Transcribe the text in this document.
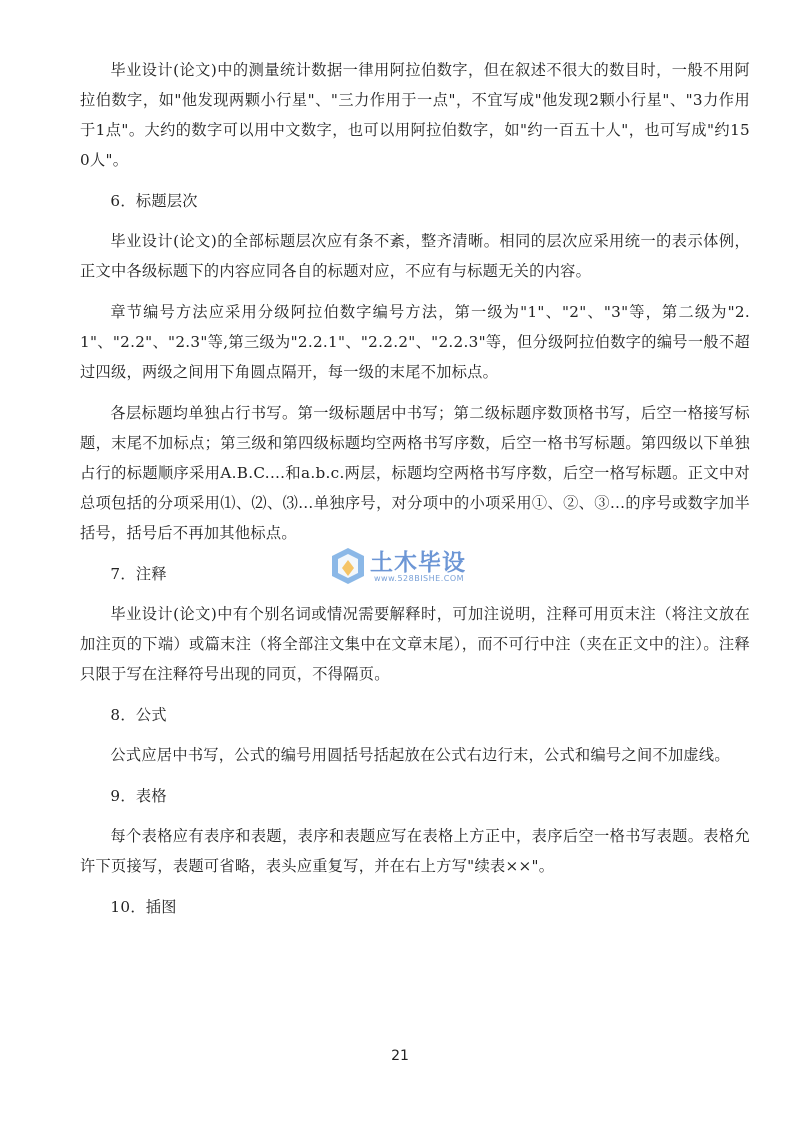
毕业设计(论文)中的测量统计数据一律用阿拉伯数字，但在叙述不很大的数目时，一般不用阿拉伯数字，如"他发现两颗小行星"、"三力作用于一点"，不宜写成"他发现2颗小行星"、"3力作用于1点"。大约的数字可以用中文数字，也可以用阿拉伯数字，如"约一百五十人"，也可写成"约150人"。

6．标题层次

毕业设计(论文)的全部标题层次应有条不紊，整齐清晰。相同的层次应采用统一的表示体例，正文中各级标题下的内容应同各自的标题对应，不应有与标题无关的内容。

章节编号方法应采用分级阿拉伯数字编号方法，第一级为"1"、"2"、"3"等，第二级为"2.1"、"2.2"、"2.3"等,第三级为"2.2.1"、"2.2.2"、"2.2.3"等，但分级阿拉伯数字的编号一般不超过四级，两级之间用下角圆点隔开，每一级的末尾不加标点。

各层标题均单独占行书写。第一级标题居中书写；第二级标题序数顶格书写，后空一格接写标题，末尾不加标点；第三级和第四级标题均空两格书写序数，后空一格书写标题。第四级以下单独占行的标题顺序采用A.B.C.…和a.b.c.两层，标题均空两格书写序数，后空一格写标题。正文中对总项包括的分项采用⑴、⑵、⑶…单独序号，对分项中的小项采用①、②、③…的序号或数字加半括号，括号后不再加其他标点。

7．注释

毕业设计(论文)中有个别名词或情况需要解释时，可加注说明，注释可用页末注（将注文放在加注页的下端）或篇末注（将全部注文集中在文章末尾），而不可行中注（夹在正文中的注）。注释只限于写在注释符号出现的同页，不得隔页。

8．公式

公式应居中书写，公式的编号用圆括号括起放在公式右边行末，公式和编号之间不加虚线。

9．表格

每个表格应有表序和表题，表序和表题应写在表格上方正中，表序后空一格书写表题。表格允许下页接写，表题可省略，表头应重复写，并在右上方写"续表××"。

10．插图

土木毕设
www.528BISHE.COM
21
